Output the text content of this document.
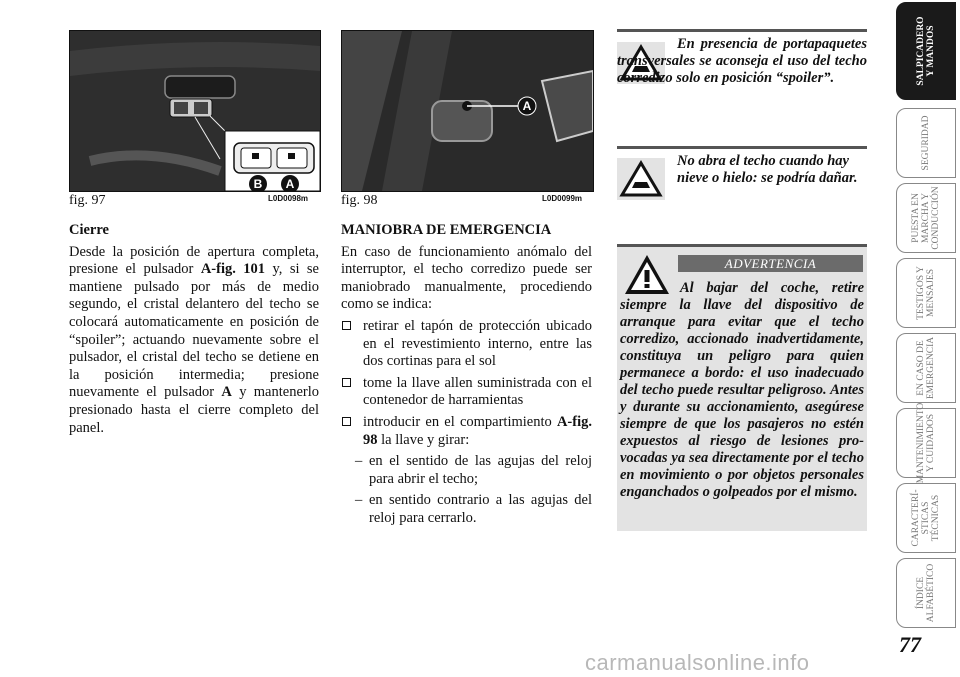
B A
fig. 97	L0D0098m
A
fig. 98	L0D0099m

Cierre

Desde la posición de apertura completa, presione el pulsador A-fig. 101 y, si se mantiene pulsado por más de medio segundo, el cristal delantero del techo se colocará automaticamente en posición de “spoiler”; actuando nuevamente sobre el pulsador, el cristal del techo se detiene en la posición intermedia; presione nuevamente el pulsador A y mantenerlo presionado hasta el cierre completo del panel.

MANIOBRA DE EMERGENCIA

En caso de funcionamiento anómalo del interruptor, el techo corredizo puede ser maniobrado manualmente, procediendo como se indica:

retirar el tapón de protección ubicado en el revestimiento interno, entre las dos cortinas para el sol
tome la llave allen suministrada con el contenedor de harramientas
introducir en el compartimiento A-fig. 98 la llave y girar:
– en el sentido de las agujas del reloj para abrir el techo;
– en sentido contrario a las agujas del reloj para cerrarlo.
En presencia de portapaquetes transversales se aconseja el uso del techo corredizo solo en posición “spoiler”.
No abra el techo cuando hay nieve o hielo: se podría dañar.
ADVERTENCIA
Al bajar del coche, retire siempre la llave del dispositivo de arranque para evitar que el techo corredizo, accionado inadvertidamente, constituya un peligro para quien permanece a bordo: el uso inadecuado del techo puede resultar peligroso. Antes y durante su accionamiento, asegúrese siempre de que los pasajeros no estén expuestos al riesgo de lesiones provocadas ya sea directamente por el techo en movimiento o por objetos personales enganchados o golpeados por el mismo.
SALPICADERO
Y MANDOS
SEGURIDAD
PUESTA EN
MARCHA Y
CONDUCCIÓN
TESTIGOS Y
MENSAJES
EN CASO DE
EMERGENCIA
MANTENIMIENTO
Y CUIDADOS
CARACTERÍ-
STICAS
TÉCNICAS
ÍNDICE
ALFABÉTICO
77
carmanualsonline.info
